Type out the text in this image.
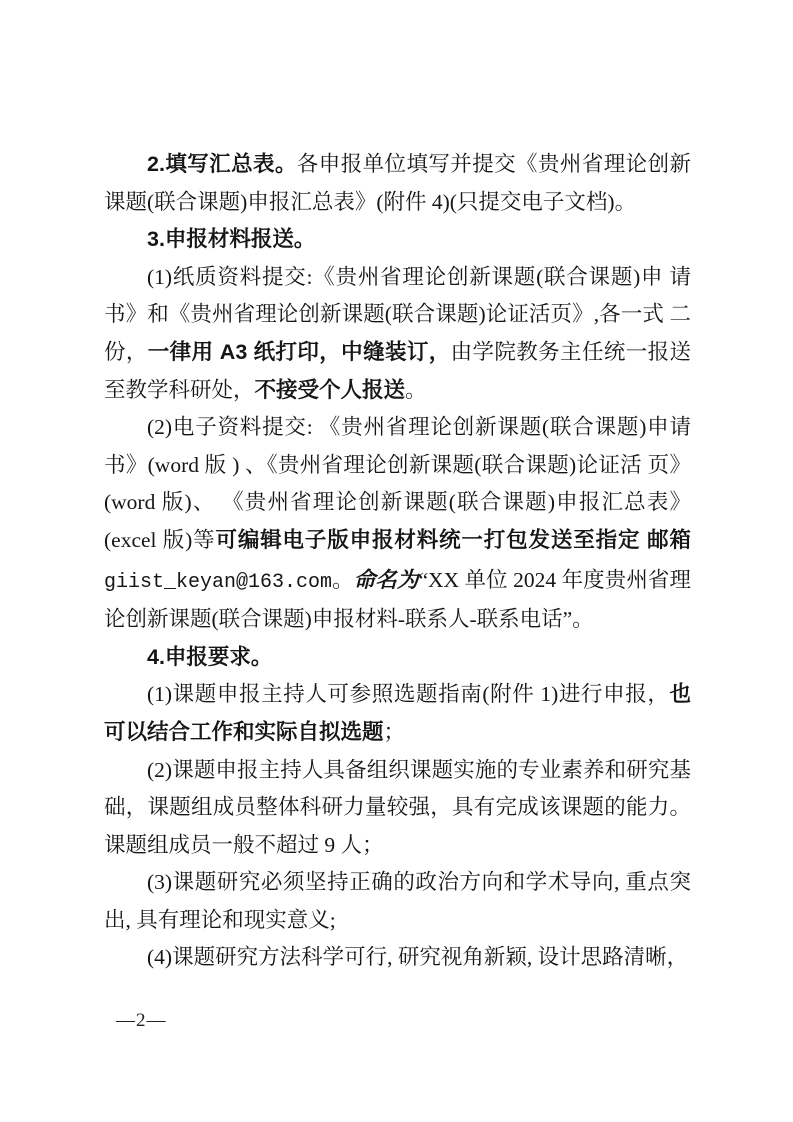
2.填写汇总表。各申报单位填写并提交《贵州省理论创新课题(联合课题)申报汇总表》(附件 4)(只提交电子文档)。

3.申报材料报送。

(1)纸质资料提交:《贵州省理论创新课题(联合课题)申 请书》和《贵州省理论创新课题(联合课题)论证活页》,各一式 二份，一律用 A3 纸打印，中缝装订，由学院教务主任统一报送至教学科研处，不接受个人报送。

(2)电子资料提交: 《贵州省理论创新课题(联合课题)申请书》(word 版 ) 、《贵州省理论创新课题(联合课题)论证活 页》(word 版)、 《贵州省理论创新课题(联合课题)申报汇总表》(excel 版)等可编辑电子版申报材料统一打包发送至指定 邮箱 giist_keyan@163.com。命名为“XX 单位 2024 年度贵州省理论创新课题(联合课题)申报材料-联系人-联系电话”。

4.申报要求。

(1)课题申报主持人可参照选题指南(附件 1)进行申报，也可以结合工作和实际自拟选题；

(2)课题申报主持人具备组织课题实施的专业素养和研究基础，课题组成员整体科研力量较强，具有完成该课题的能力。课题组成员一般不超过 9 人；

(3)课题研究必须坚持正确的政治方向和学术导向, 重点突出, 具有理论和现实意义;

(4)课题研究方法科学可行, 研究视角新颖, 设计思路清晰，

—2—
